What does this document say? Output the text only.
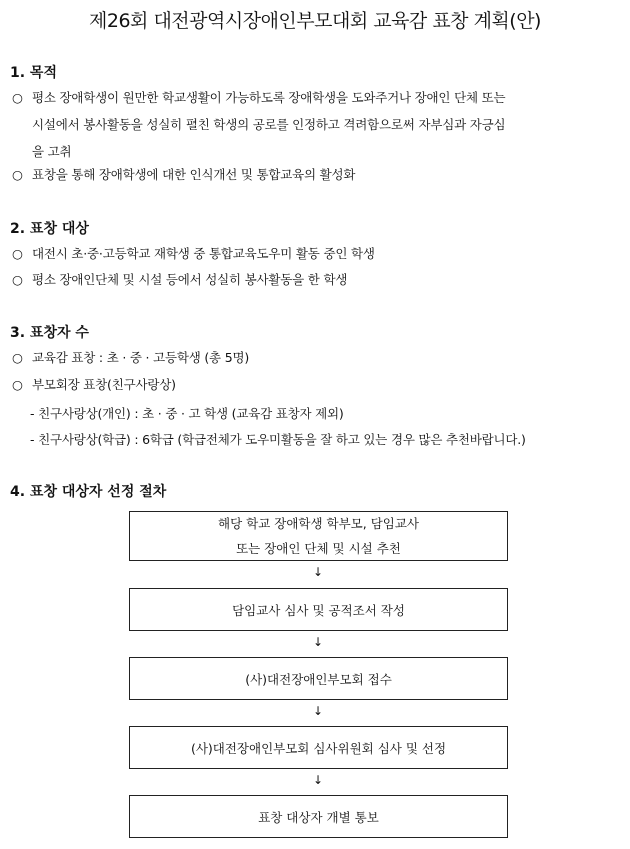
제26회 대전광역시장애인부모대회 교육감 표창 계획(안)
1. 목적
○ 평소 장애학생이 원만한 학교생활이 가능하도록 장애학생을 도와주거나 장애인 단체 또는
시설에서 봉사활동을 성실히 펼친 학생의 공로를 인정하고 격려함으로써 자부심과 자긍심
을 고취
○ 표창을 통해 장애학생에 대한 인식개선 및 통합교육의 활성화
2. 표창 대상
○ 대전시 초·중·고등학교 재학생 중 통합교육도우미 활동 중인 학생
○ 평소 장애인단체 및 시설 등에서 성실히 봉사활동을 한 학생
3. 표창자 수
○ 교육감 표창 : 초 · 중 · 고등학생 (총 5명)
○ 부모회장 표창(친구사랑상)
- 친구사랑상(개인) : 초 · 중 · 고 학생 (교육감 표창자 제외)
- 친구사랑상(학급) : 6학급 (학급전체가 도우미활동을 잘 하고 있는 경우 많은 추천바랍니다.)
4. 표창 대상자 선정 절차
해당 학교 장애학생 학부모, 담임교사
또는 장애인 단체 및 시설 추천
↓
담임교사 심사 및 공적조서 작성
↓
(사)대전장애인부모회 접수
↓
(사)대전장애인부모회 심사위원회 심사 및 선정
↓
표창 대상자 개별 통보
